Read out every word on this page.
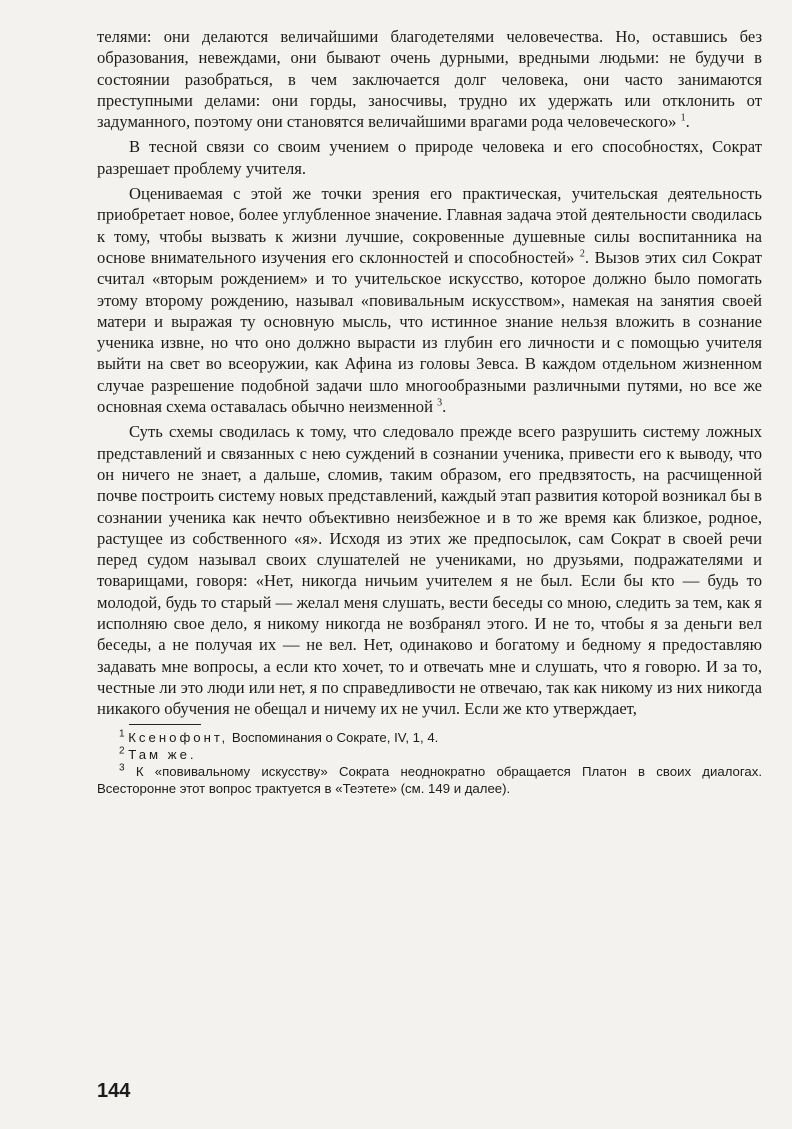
телями: они делаются величайшими благодетелями человечества. Но, оставшись без образования, невеждами, они бывают очень дурными, вредными людьми: не будучи в состоянии разобраться, в чем заключается долг человека, они часто занимаются преступными делами: они горды, заносчивы, трудно их удержать или отклонить от задуманного, поэтому они становятся величайшими врагами рода человеческого» $^1$.

В тесной связи со своим учением о природе человека и его способностях, Сократ разрешает проблему учителя.

Оцениваемая с этой же точки зрения его практическая, учительская деятельность приобретает новое, более углубленное значение. Главная задача этой деятельности сводилась к тому, чтобы вызвать к жизни лучшие, сокровенные душевные силы воспитанника на основе внимательного изучения его склонностей и способностей» $^2$. Вызов этих сил Сократ считал «вторым рождением» и то учительское искусство, которое должно было помогать этому второму рождению, называл «повивальным искусством», намекая на занятия своей матери и выражая ту основную мысль, что истинное знание нельзя вложить в сознание ученика извне, но что оно должно вырасти из глубин его личности и с помощью учителя выйти на свет во всеоружии, как Афина из головы Зевса. В каждом отдельном жизненном случае разрешение подобной задачи шло многообразными различными путями, но все же основная схема оставалась обычно неизменной $^3$.

Суть схемы сводилась к тому, что следовало прежде всего разрушить систему ложных представлений и связанных с нею суждений в сознании ученика, привести его к выводу, что он ничего не знает, а дальше, сломив, таким образом, его предвзятость, на расчищенной почве построить систему новых представлений, каждый этап развития которой возникал бы в сознании ученика как нечто объективно неизбежное и в то же время как близкое, родное, растущее из собственного «я». Исходя из этих же предпосылок, сам Сократ в своей речи перед судом называл своих слушателей не учениками, но друзьями, подражателями и товарищами, говоря: «Нет, никогда ничьим учителем я не был. Если бы кто — будь то молодой, будь то старый — желал меня слушать, вести беседы со мною, следить за тем, как я исполняю свое дело, я никому никогда не возбранял этого. И не то, чтобы я за деньги вел беседы, а не получая их — не вел. Нет, одинаково и богатому и бедному я предоставляю задавать мне вопросы, а если кто хочет, то и отвечать мне и слушать, что я говорю. И за то, честные ли это люди или нет, я по справедливости не отвечаю, так как никому из них никогда никакого обучения не обещал и ничему их не учил. Если же кто утверждает,

$^1$ Ксенофонт, Воспоминания о Сократе, IV, 1, 4.

$^2$ Там же.

$^3$ К «повивальному искусству» Сократа неоднократно обращается Платон в своих диалогах. Всесторонне этот вопрос трактуется в «Теэтете» (см. 149 и далее).

144
